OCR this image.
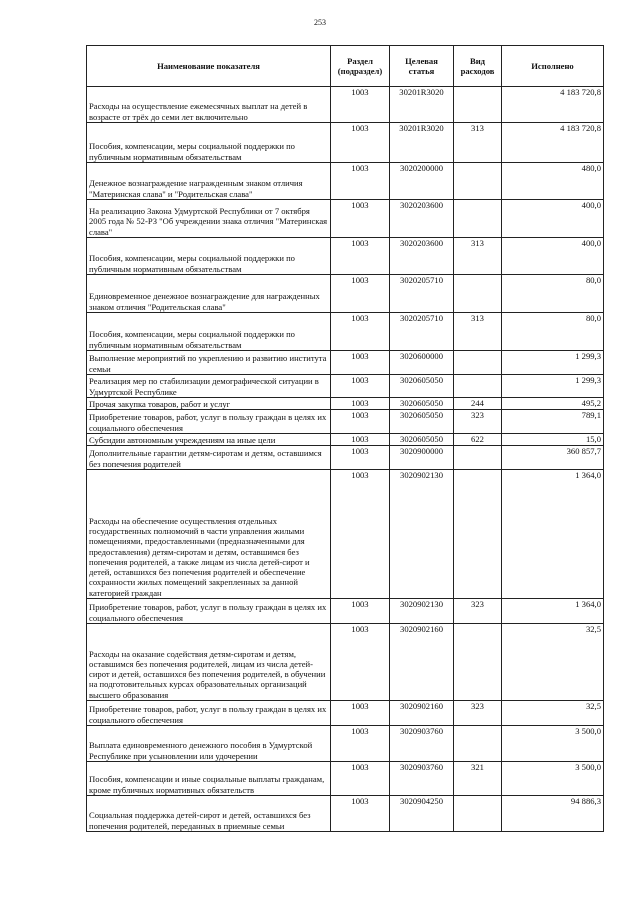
253
Наименование показателя	Раздел (подраздел)	Целевая статья	Вид расходов	Исполнено
Расходы на осуществление ежемесячных выплат на детей в возрасте от трёх до семи лет включительно	1003	30201R3020		4 183 720,8
Пособия, компенсации, меры социальной поддержки по публичным нормативным обязательствам	1003	30201R3020	313	4 183 720,8
Денежное вознаграждение награжденным знаком отличия "Материнская слава" и "Родительская слава"	1003	3020200000		480,0
На реализацию Закона Удмуртской Республики от 7 октября 2005 года № 52-РЗ "Об учреждении знака отличия "Материнская слава"	1003	3020203600		400,0
Пособия, компенсации, меры социальной поддержки по публичным нормативным обязательствам	1003	3020203600	313	400,0
Единовременное денежное вознаграждение для награжденных знаком отличия "Родительская слава"	1003	3020205710		80,0
Пособия, компенсации, меры социальной поддержки по публичным нормативным обязательствам	1003	3020205710	313	80,0
Выполнение мероприятий по укреплению и развитию института семьи	1003	3020600000		1 299,3
Реализация мер по стабилизации демографической ситуации в Удмуртской Республике	1003	3020605050		1 299,3
Прочая закупка товаров, работ и услуг	1003	3020605050	244	495,2
Приобретение товаров, работ, услуг в пользу граждан в целях их социального обеспечения	1003	3020605050	323	789,1
Субсидии автономным учреждениям на иные цели	1003	3020605050	622	15,0
Дополнительные гарантии детям-сиротам и детям, оставшимся без попечения родителей	1003	3020900000		360 857,7
Расходы на обеспечение осуществления отдельных государственных полномочий в части управления жилыми помещениями, предоставленными (предназначенными для предоставления) детям-сиротам и детям, оставшимся без попечения родителей, а также лицам из числа детей-сирот и детей, оставшихся без попечения родителей и обеспечение сохранности жилых помещений закрепленных за данной категорией граждан	1003	3020902130		1 364,0
Приобретение товаров, работ, услуг в пользу граждан в целях их социального обеспечения	1003	3020902130	323	1 364,0
Расходы на оказание содействия детям-сиротам и детям, оставшимся без попечения родителей, лицам из числа детей-сирот и детей, оставшихся без попечения родителей, в обучении на подготовительных курсах образовательных организаций высшего образования	1003	3020902160		32,5
Приобретение товаров, работ, услуг в пользу граждан в целях их социального обеспечения	1003	3020902160	323	32,5
Выплата единовременного денежного пособия в Удмуртской Республике при усыновлении или удочерении	1003	3020903760		3 500,0
Пособия, компенсации и иные социальные выплаты гражданам, кроме публичных нормативных обязательств	1003	3020903760	321	3 500,0
Социальная поддержка детей-сирот и детей, оставшихся без попечения родителей, переданных в приемные семьи	1003	3020904250		94 886,3
